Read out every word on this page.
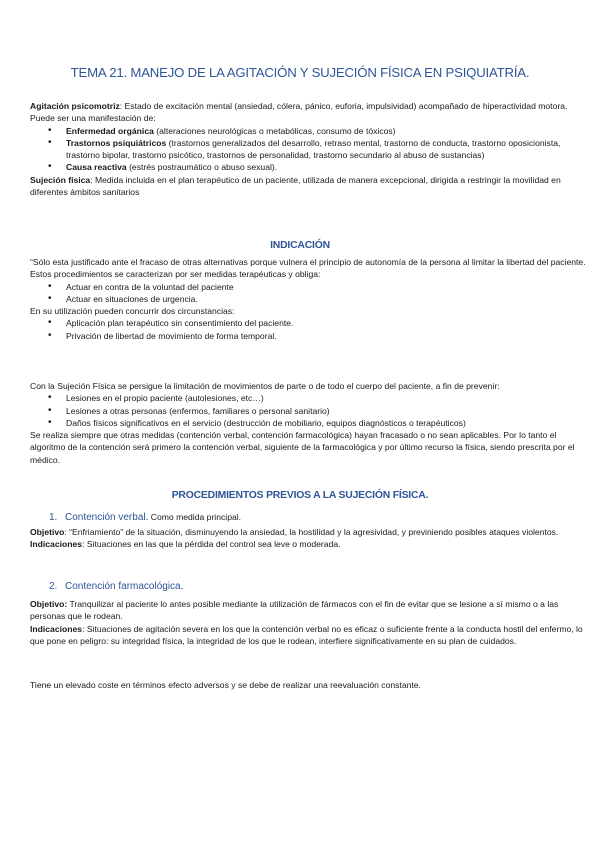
TEMA 21. MANEJO DE LA AGITACIÓN Y SUJECIÓN FÍSICA EN PSIQUIATRÍA.

Agitación psicomotriz: Estado de excitación mental (ansiedad, cólera, pánico, euforia, impulsividad) acompañado de hiperactividad motora. Puede ser una manifestación de:

• Enfermedad orgánica (alteraciones neurológicas o metabólicas, consumo de tóxicos)

• Trastornos psiquiátricos (trastornos generalizados del desarrollo, retraso mental, trastorno de conducta, trastorno oposicionista, trastorno bipolar, trastorno psicótico, trastornos de personalidad, trastorno secundario al abuso de sustancias)

• Causa reactiva (estrés postraumático o abuso sexual).

Sujeción física: Medida incluida en el plan terapéutico de un paciente, utilizada de manera excepcional, dirigida a restringir la movilidad en diferentes ámbitos sanitarios

INDICACIÓN

“Sólo esta justificado ante el fracaso de otras alternativas porque vulnera el principio de autonomía de la persona al limitar la libertad del paciente.

Estos procedimientos se caracterizan por ser medidas terapéuticas y obliga:

• Actuar en contra de la voluntad del paciente

• Actuar en situaciones de urgencia.

En su utilización pueden concurrir dos circunstancias:

• Aplicación plan terapéutico sin consentimiento del paciente.

• Privación de libertad de movimiento de forma temporal.

Con la Sujeción Física se persigue la limitación de movimientos de parte o de todo el cuerpo del paciente, a fin de prevenir:

• Lesiones en el propio paciente (autolesiones, etc…)

• Lesiones a otras personas (enfermos, familiares o personal sanitario)

• Daños físicos significativos en el servicio (destrucción de mobiliario, equipos diagnósticos o terapéuticos)

Se realiza siempre que otras medidas (contención verbal, contención farmacológica) hayan fracasado o no sean aplicables. Por lo tanto el algoritmo de la contención será primero la contención verbal, siguiente de la farmacológica y por último recurso la física, siendo prescrita por el médico.

PROCEDIMIENTOS PREVIOS A LA SUJECIÓN FÍSICA.
1. Contención verbal. Como medida principal.

Objetivo: “Enfriamiento” de la situación, disminuyendo la ansiedad, la hostilidad y la agresividad, y previniendo posibles ataques violentos.

Indicaciones: Situaciones en las que la pérdida del control sea leve o moderada.

2. Contención farmacológica.

Objetivo: Tranquilizar al paciente lo antes posible mediante la utilización de fármacos con el fin de evitar que se lesione a sí mismo o a las personas que le rodean.

Indicaciones: Situaciones de agitación severa en los que la contención verbal no es eficaz o suficiente frente a la conducta hostil del enfermo, lo que pone en peligro: su integridad física, la integridad de los que le rodean, interfiere significativamente en su plan de cuidados.

Tiene un elevado coste en términos efecto adversos y se debe de realizar una reevaluación constante.
